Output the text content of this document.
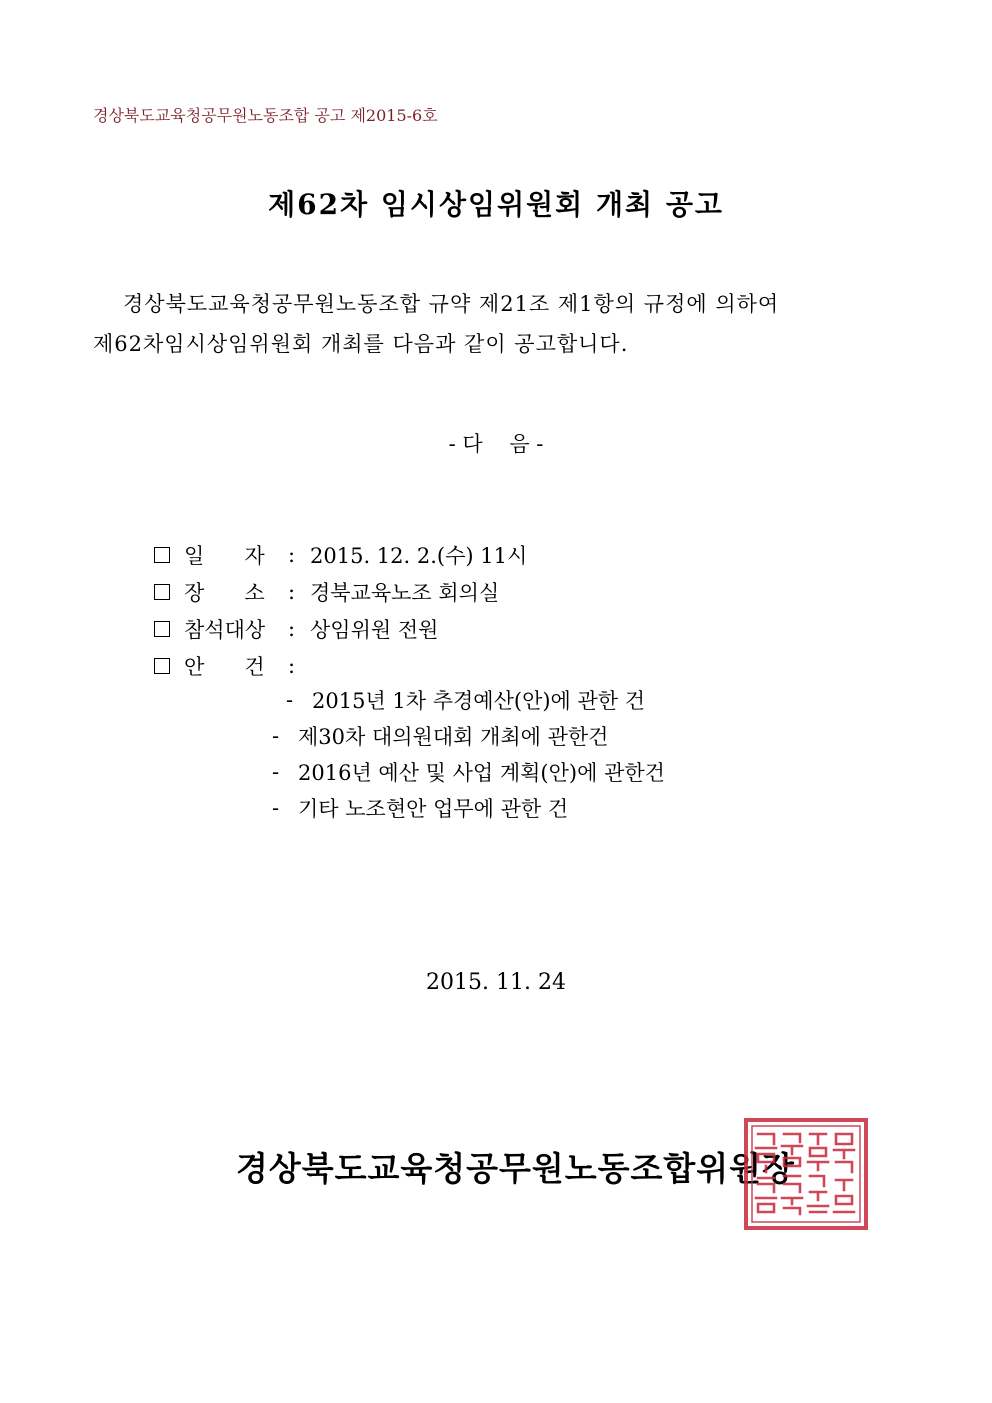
경상북도교육청공무원노동조합 공고 제2015-6호
제62차 임시상임위원회 개최 공고
경상북도교육청공무원노동조합 규약 제21조 제1항의 규정에 의하여
제62차임시상임위원회 개최를 다음과 같이 공고합니다.
- 다    음 -
일      자	: 2015. 12. 2.(수) 11시
장      소	: 경북교육노조 회의실
참석대상	: 상임위원 전원
안      건	:
- 2015년 1차 추경예산(안)에 관한 건
- 제30차 대의원대회 개최에 관한건
- 2016년 예산 및 사업 계획(안)에 관한건
- 기타 노조현안 업무에 관한 건
2015. 11. 24
경상북도교육청공무원노동조합위원장
